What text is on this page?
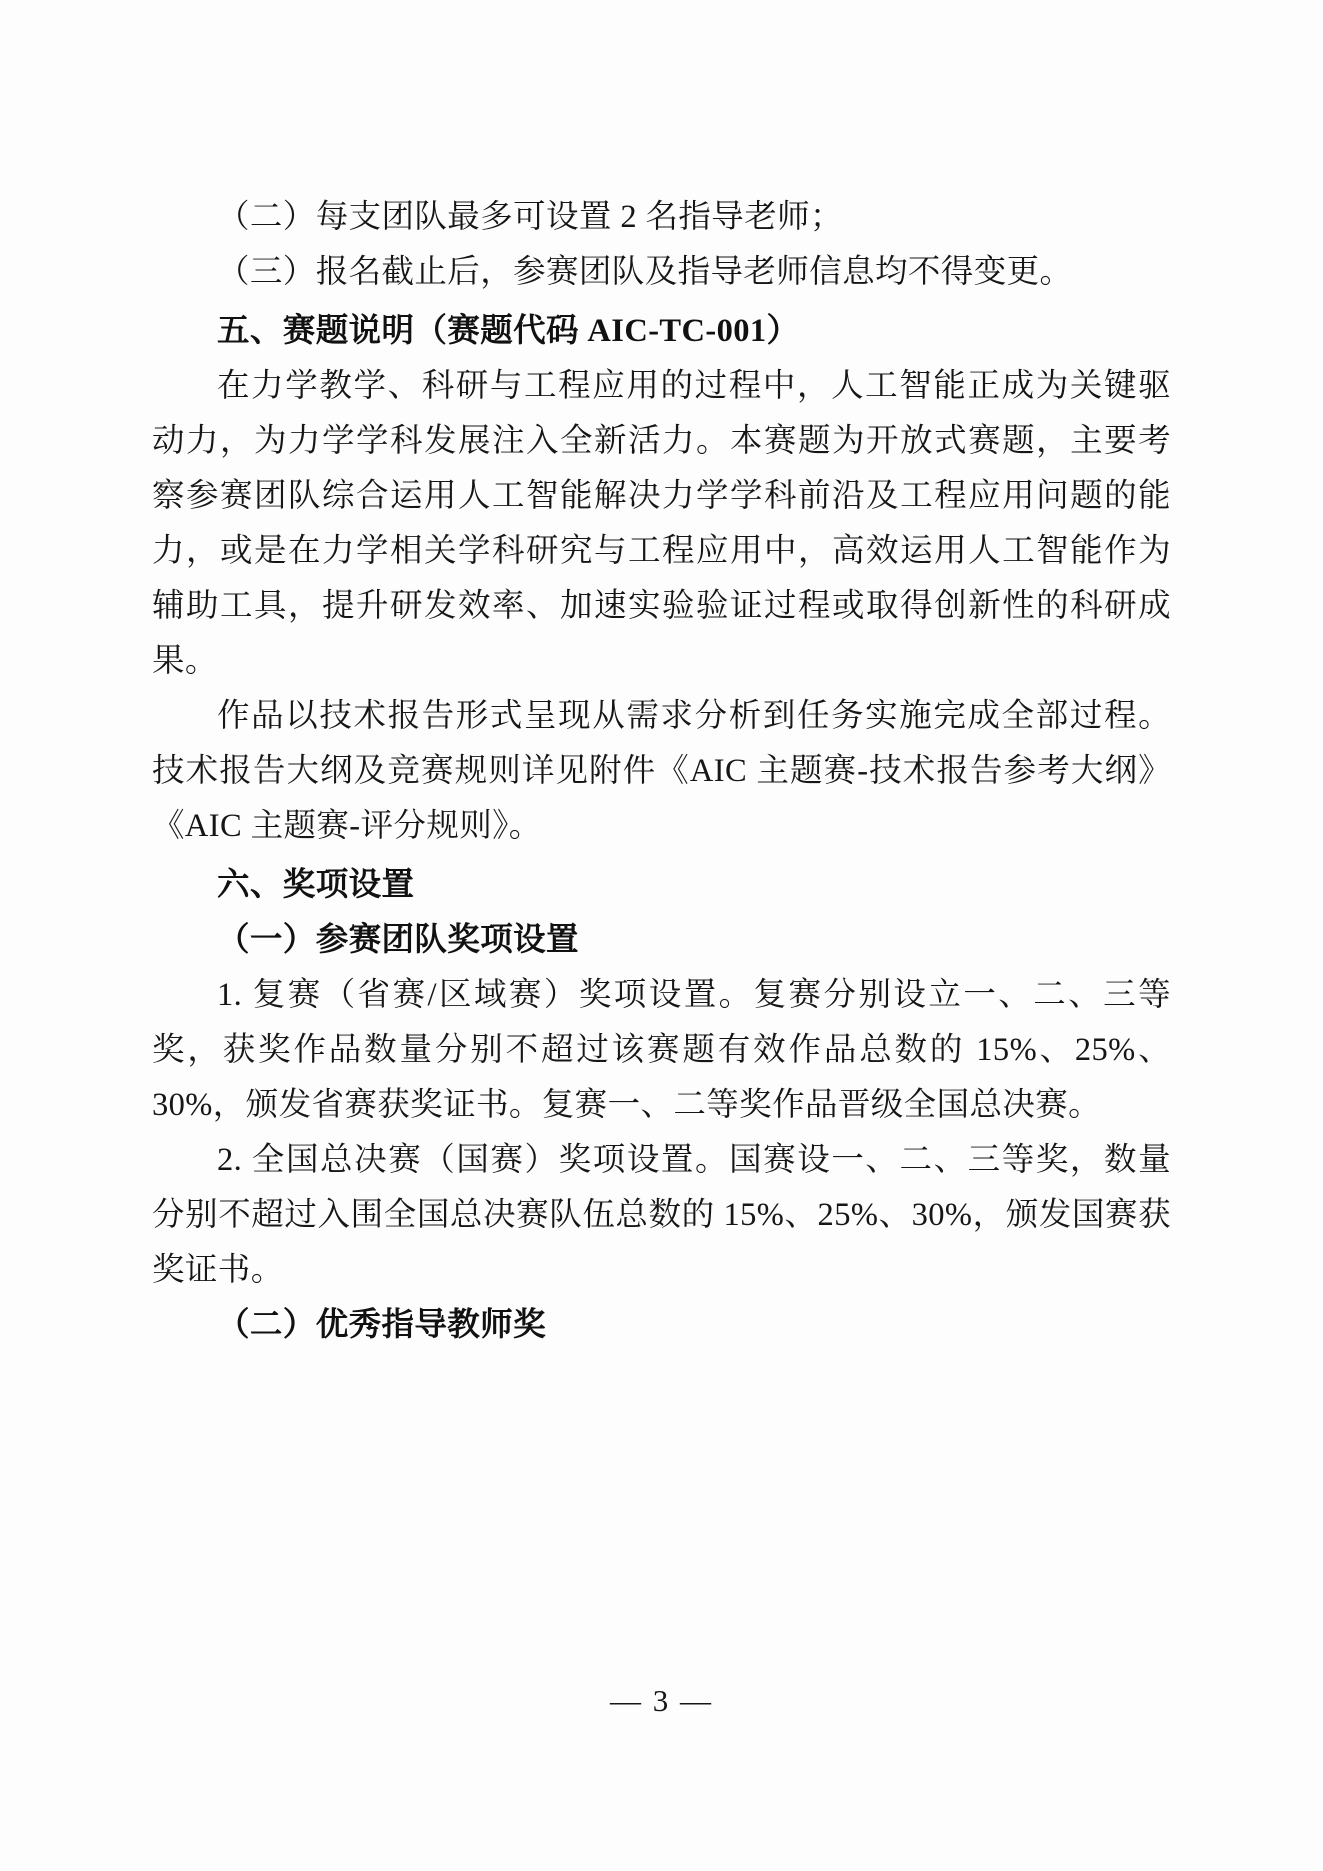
（二）每支团队最多可设置 2 名指导老师；

（三）报名截止后，参赛团队及指导老师信息均不得变更。

五、赛题说明（赛题代码 AIC-TC-001）

在力学教学、科研与工程应用的过程中，人工智能正成为关键驱动力，为力学学科发展注入全新活力。本赛题为开放式赛题，主要考察参赛团队综合运用人工智能解决力学学科前沿及工程应用问题的能力，或是在力学相关学科研究与工程应用中，高效运用人工智能作为辅助工具，提升研发效率、加速实验验证过程或取得创新性的科研成果。

作品以技术报告形式呈现从需求分析到任务实施完成全部过程。技术报告大纲及竞赛规则详见附件《AIC 主题赛-技术报告参考大纲》《AIC 主题赛-评分规则》。

六、奖项设置

（一）参赛团队奖项设置

1. 复赛（省赛/区域赛）奖项设置。复赛分别设立一、二、三等奖，获奖作品数量分别不超过该赛题有效作品总数的 15%、25%、30%，颁发省赛获奖证书。复赛一、二等奖作品晋级全国总决赛。

2. 全国总决赛（国赛）奖项设置。国赛设一、二、三等奖，数量分别不超过入围全国总决赛队伍总数的 15%、25%、30%，颁发国赛获奖证书。

（二）优秀指导教师奖

— 3 —
